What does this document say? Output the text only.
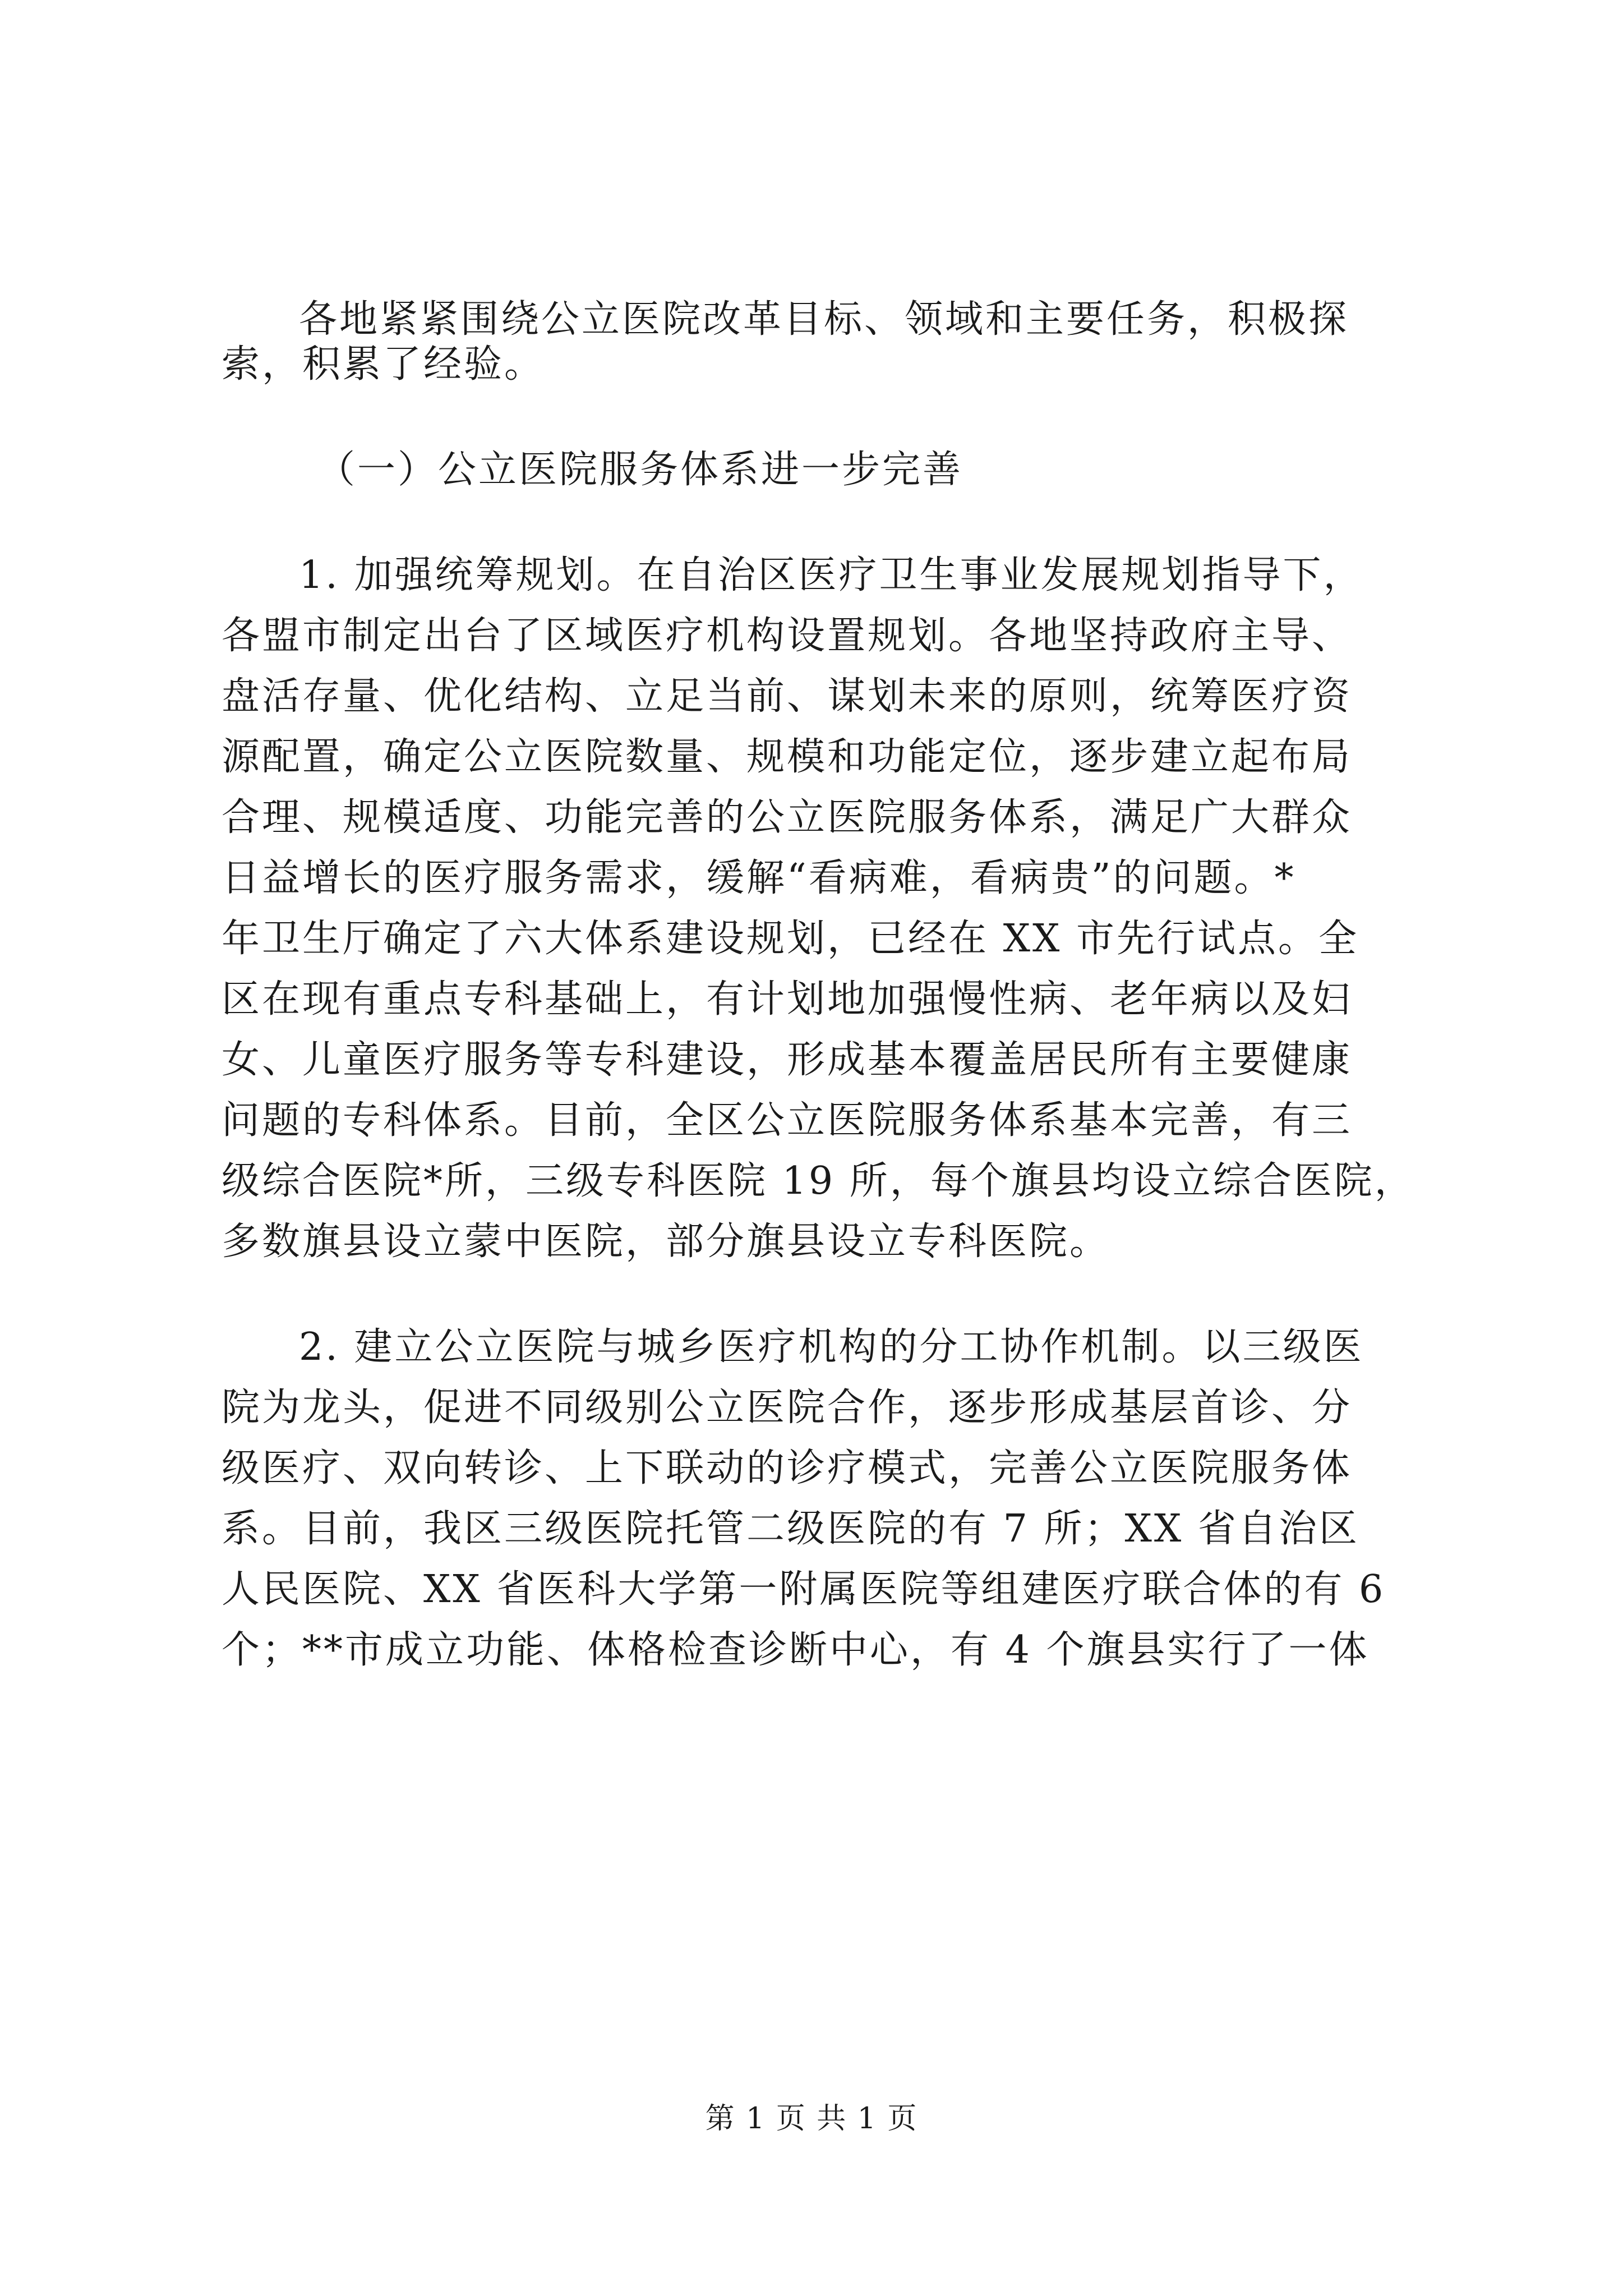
各地紧紧围绕公立医院改革目标、领域和主要任务，积极探
索，积累了经验。
（一）公立医院服务体系进一步完善
1. 加强统筹规划。在自治区医疗卫生事业发展规划指导下，
各盟市制定出台了区域医疗机构设置规划。各地坚持政府主导、
盘活存量、优化结构、立足当前、谋划未来的原则，统筹医疗资
源配置，确定公立医院数量、规模和功能定位，逐步建立起布局
合理、规模适度、功能完善的公立医院服务体系，满足广大群众
日益增长的医疗服务需求，缓解“看病难，看病贵”的问题。*
年卫生厅确定了六大体系建设规划，已经在 XX 市先行试点。全
区在现有重点专科基础上，有计划地加强慢性病、老年病以及妇
女、儿童医疗服务等专科建设，形成基本覆盖居民所有主要健康
问题的专科体系。目前，全区公立医院服务体系基本完善，有三
级综合医院*所，三级专科医院 19 所，每个旗县均设立综合医院，
多数旗县设立蒙中医院，部分旗县设立专科医院。
2. 建立公立医院与城乡医疗机构的分工协作机制。以三级医
院为龙头，促进不同级别公立医院合作，逐步形成基层首诊、分
级医疗、双向转诊、上下联动的诊疗模式，完善公立医院服务体
系。目前，我区三级医院托管二级医院的有 7 所；XX 省自治区
人民医院、XX 省医科大学第一附属医院等组建医疗联合体的有 6
个；**市成立功能、体格检查诊断中心，有 4 个旗县实行了一体
第 1 页 共 1 页
